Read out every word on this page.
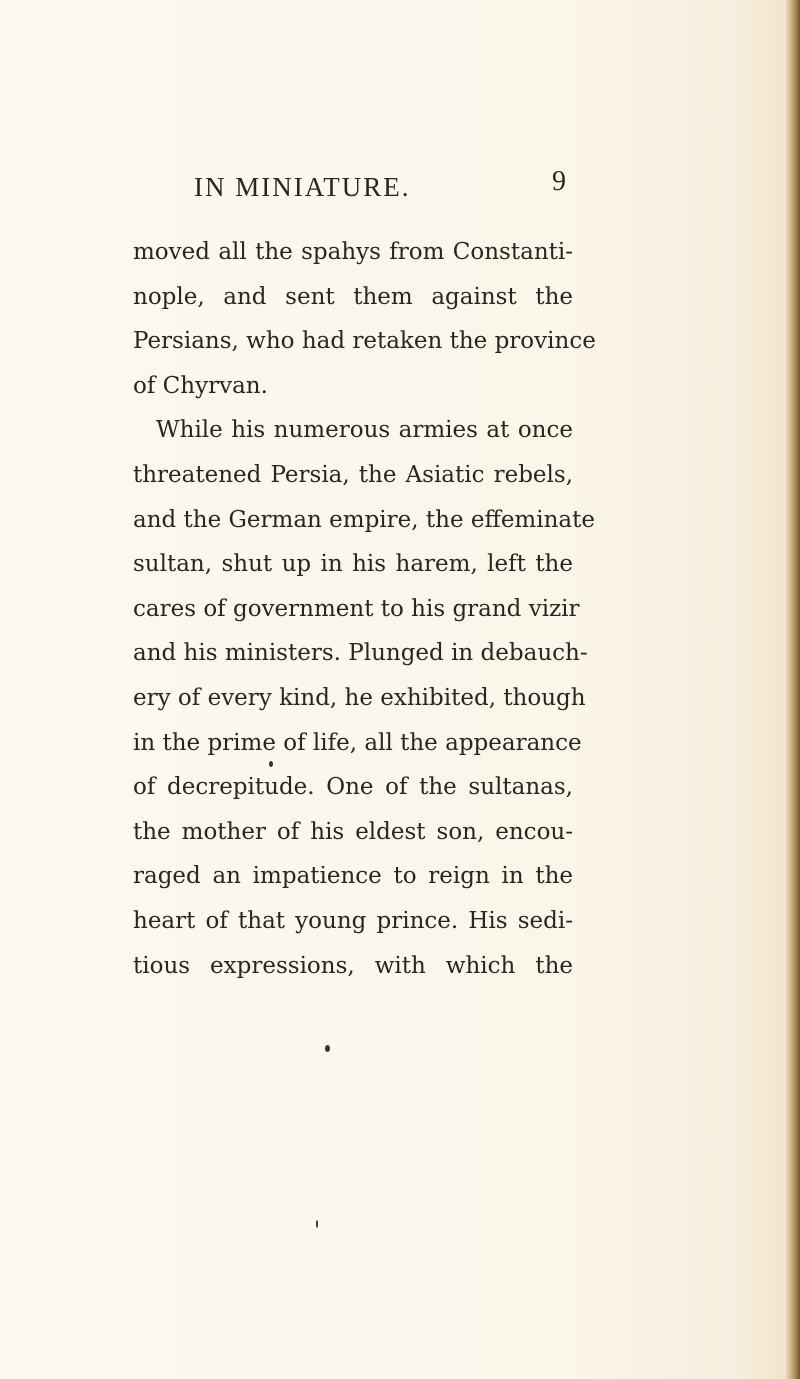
IN MINIATURE.	9
moved all the spahys from Constanti-
nople, and sent them against the
Persians, who had retaken the province
of Chyrvan.
While his numerous armies at once
threatened Persia, the Asiatic rebels,
and the German empire, the effeminate
sultan, shut up in his harem, left the
cares of government to his grand vizir
and his ministers. Plunged in debauch-
ery of every kind, he exhibited, though
in the prime of life, all the appearance
of decrepitude. One of the sultanas,
the mother of his eldest son, encou-
raged an impatience to reign in the
heart of that young prince. His sedi-
tious expressions, with which the
